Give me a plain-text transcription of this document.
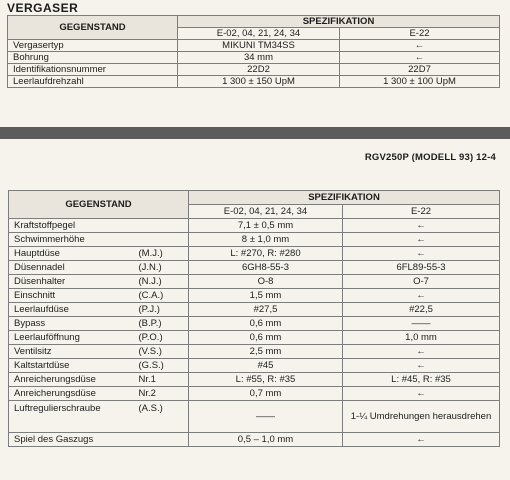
VERGASER
GEGENSTAND	SPEZIFIKATION	
	E-02, 04, 21, 24, 34	E-22
Vergasertyp	MIKUNI TM34SS	←
Bohrung	34 mm	←
Identifikationsnummer	22D2	22D7
Leerlaufdrehzahl	1 300 ± 150 UpM	1 300 ± 100 UpM
RGV250P (MODELL 93) 12-4
GEGENSTAND		SPEZIFIKATION	
		E-02, 04, 21, 24, 34	E-22
Kraftstoffpegel		7,1 ± 0,5 mm	←
Schwimmerhöhe		8 ± 1,0 mm	←
Hauptdüse	(M.J.)	L: #270, R: #280	←
Düsennadel	(J.N.)	6GH8-55-3	6FL89-55-3
Düsenhalter	(N.J.)	O-8	O-7
Einschnitt	(C.A.)	1,5 mm	←
Leerlaufdüse	(P.J.)	#27,5	#22,5
Bypass	(B.P.)	0,6 mm	——
Leerlauföffnung	(P.O.)	0,6 mm	1,0 mm
Ventilsitz	(V.S.)	2,5 mm	←
Kaltstartdüse	(G.S.)	#45	←
Anreicherungsdüse	Nr.1	L: #55, R: #35	L: #45, R: #35
Anreicherungsdüse	Nr.2	0,7 mm	←
Luftregulierschraube	(A.S.)	——	1-¼ Umdrehungen herausdrehen
Spiel des Gaszugs		0,5 – 1,0 mm	←
